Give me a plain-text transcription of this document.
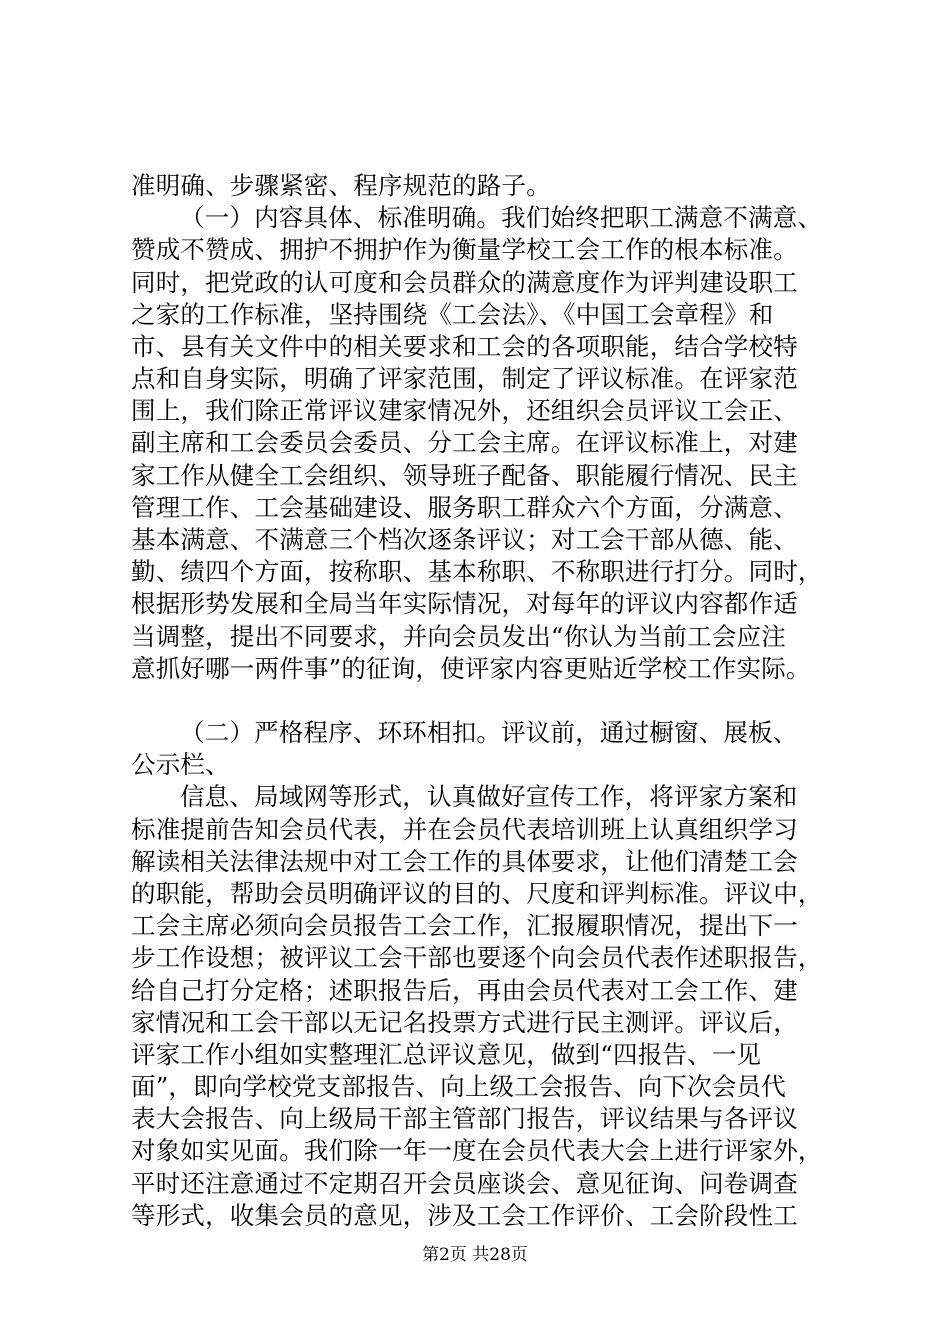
准明确、步骤紧密、程序规范的路子。
（一）内容具体、标准明确。我们始终把职工满意不满意、
赞成不赞成、拥护不拥护作为衡量学校工会工作的根本标准。
同时，把党政的认可度和会员群众的满意度作为评判建设职工
之家的工作标准，坚持围绕《工会法》、《中国工会章程》和
市、县有关文件中的相关要求和工会的各项职能，结合学校特
点和自身实际，明确了评家范围，制定了评议标准。在评家范
围上，我们除正常评议建家情况外，还组织会员评议工会正、
副主席和工会委员会委员、分工会主席。在评议标准上，对建
家工作从健全工会组织、领导班子配备、职能履行情况、民主
管理工作、工会基础建设、服务职工群众六个方面，分满意、
基本满意、不满意三个档次逐条评议；对工会干部从德、能、
勤、绩四个方面，按称职、基本称职、不称职进行打分。同时，
根据形势发展和全局当年实际情况，对每年的评议内容都作适
当调整，提出不同要求，并向会员发出“你认为当前工会应注
意抓好哪一两件事”的征询，使评家内容更贴近学校工作实际。
（二）严格程序、环环相扣。评议前，通过橱窗、展板、
公示栏、
信息、局域网等形式，认真做好宣传工作，将评家方案和
标准提前告知会员代表，并在会员代表培训班上认真组织学习
解读相关法律法规中对工会工作的具体要求，让他们清楚工会
的职能，帮助会员明确评议的目的、尺度和评判标准。评议中，
工会主席必须向会员报告工会工作，汇报履职情况，提出下一
步工作设想；被评议工会干部也要逐个向会员代表作述职报告，
给自己打分定格；述职报告后，再由会员代表对工会工作、建
家情况和工会干部以无记名投票方式进行民主测评。评议后，
评家工作小组如实整理汇总评议意见，做到“四报告、一见
面”，即向学校党支部报告、向上级工会报告、向下次会员代
表大会报告、向上级局干部主管部门报告，评议结果与各评议
对象如实见面。我们除一年一度在会员代表大会上进行评家外，
平时还注意通过不定期召开会员座谈会、意见征询、问卷调查
等形式，收集会员的意见，涉及工会工作评价、工会阶段性工
第2页 共28页
